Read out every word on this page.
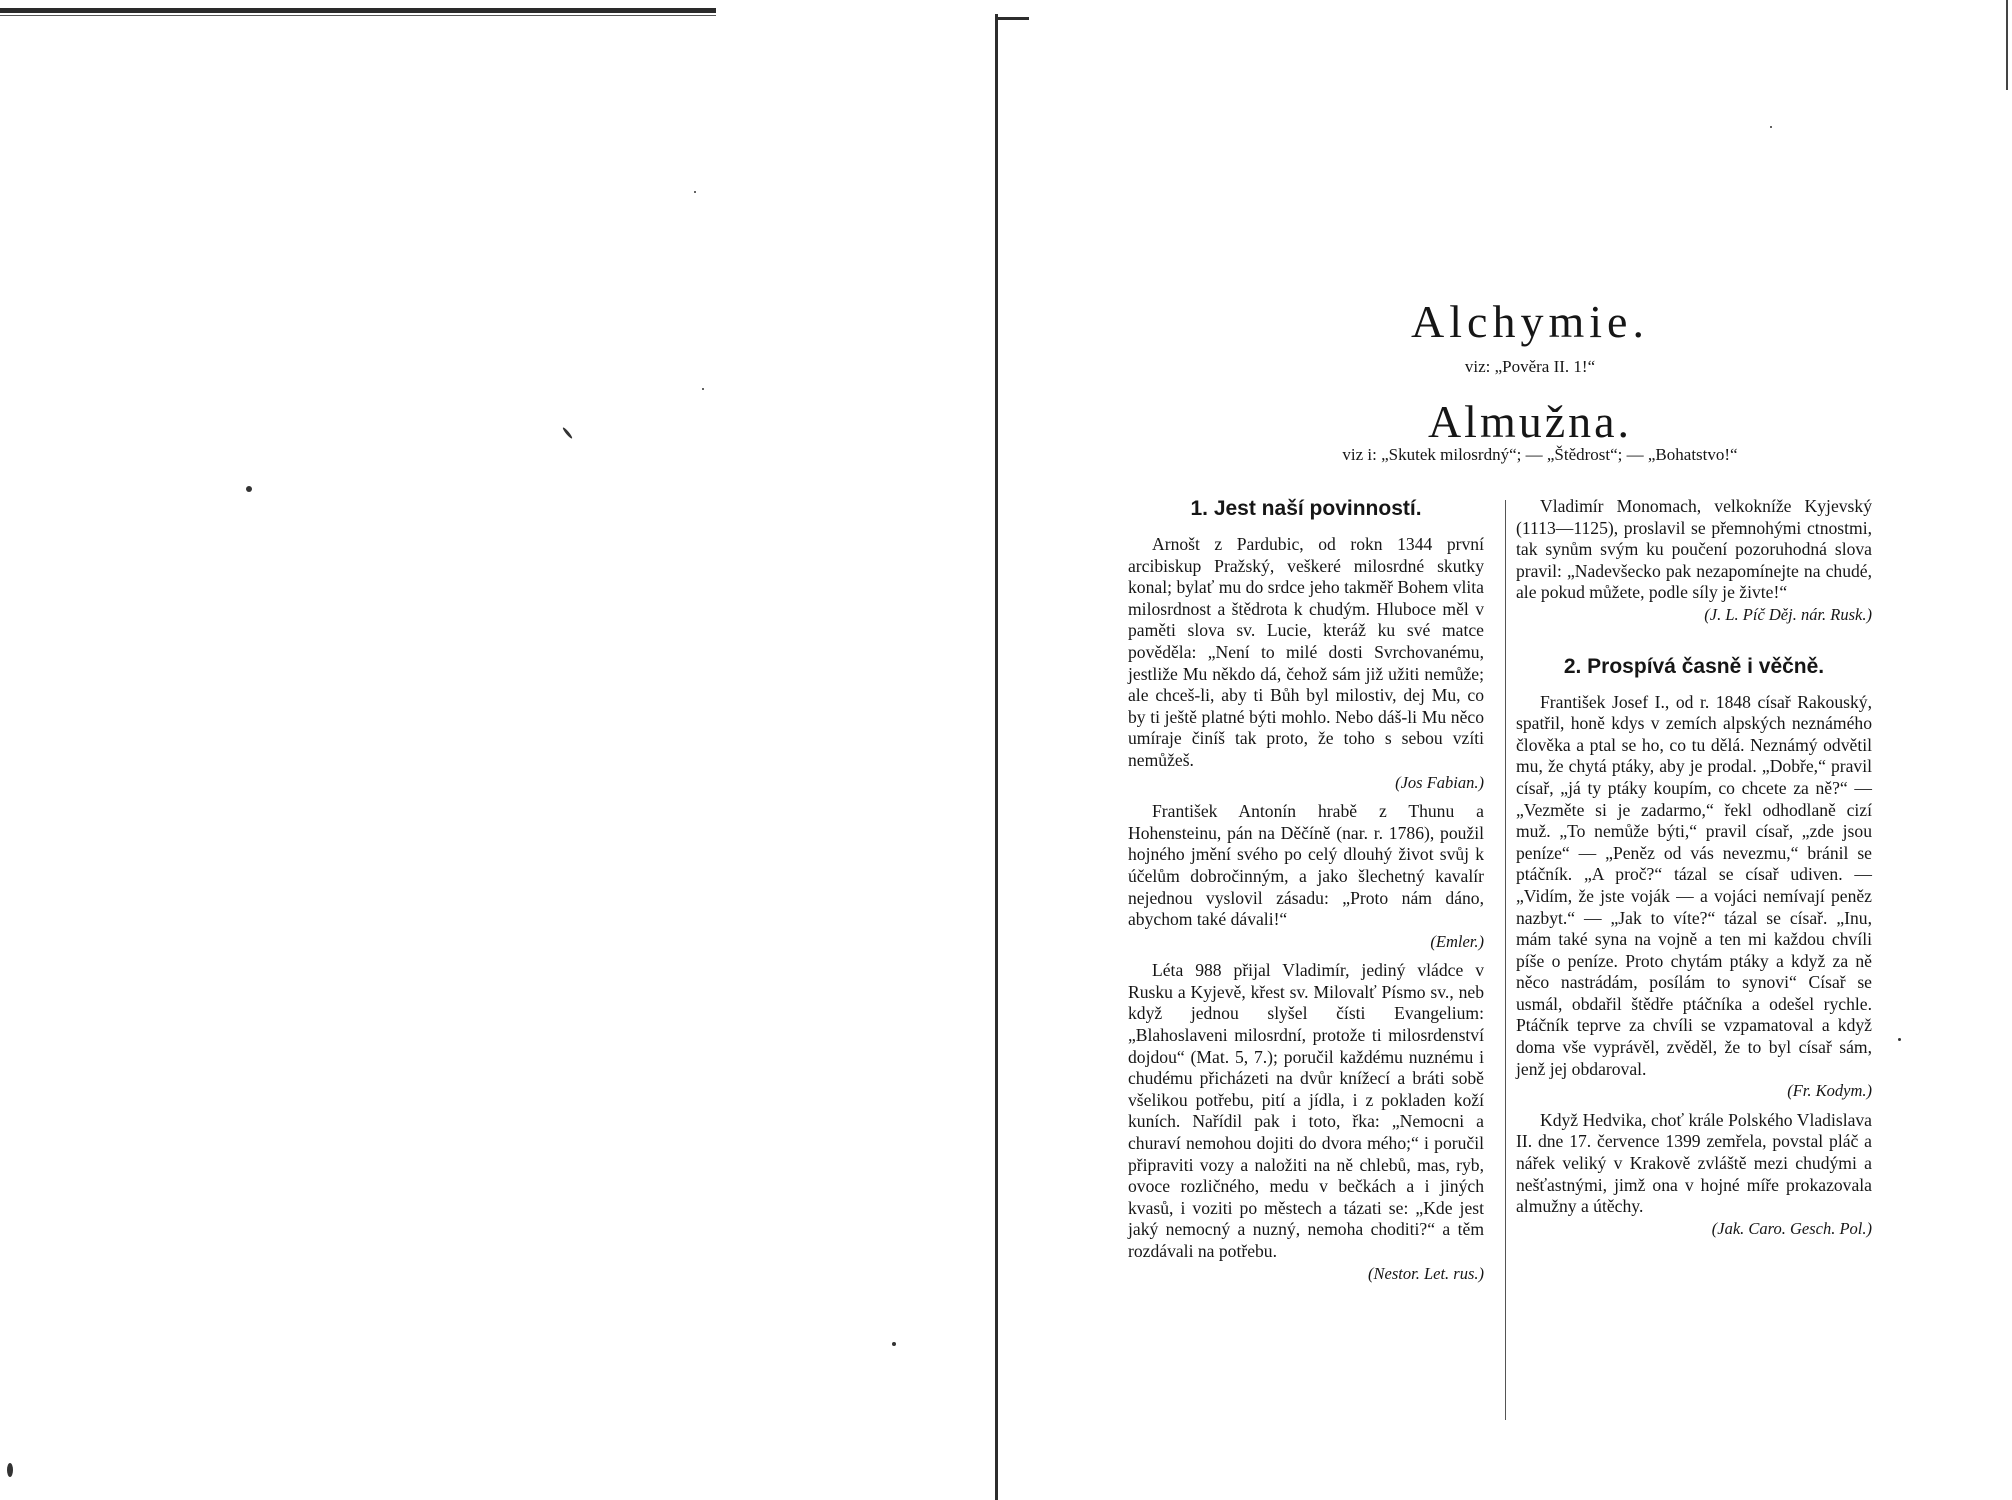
Alchymie.

viz: „Pověra II. 1!“

Almužna.

viz i: „Skutek milosrdný“; — „Štědrost“; — „Bohatstvo!“

1. Jest naší povinností.

Arnošt z Pardubic, od rokn 1344 první arcibiskup Pražský, veškeré milosrdné skutky konal; bylať mu do srdce jeho takměř Bohem vlita milosrdnost a štědrota k chudým. Hluboce měl v paměti slova sv. Lucie, kteráž ku své matce pověděla: „Není to milé dosti Svrchovanému, jestliže Mu někdo dá, čehož sám již užiti nemůže; ale chceš-li, aby ti Bůh byl milostiv, dej Mu, co by ti ještě platné býti mohlo. Nebo dáš-li Mu něco umíraje činíš tak proto, že toho s sebou vzíti nemůžeš.

(Jos Fabian.)

František Antonín hrabě z Thunu a Hohensteinu, pán na Děčíně (nar. r. 1786), použil hojného jmění svého po celý dlouhý život svůj k účelům dobročinným, a jako šlechetný kavalír nejednou vyslovil zásadu: „Proto nám dáno, abychom také dávali!“

(Emler.)

Léta 988 přijal Vladimír, jediný vládce v Rusku a Kyjevě, křest sv. Milovalť Písmo sv., neb když jednou slyšel čísti Evangelium: „Blahoslaveni milosrdní, protože ti milosrdenství dojdou“ (Mat. 5, 7.); poručil každému nuznému i chudému přicházeti na dvůr knížecí a bráti sobě všelikou potřebu, pití a jídla, i z pokladen koží kuních. Nařídil pak i toto, řka: „Nemocni a churaví nemohou dojiti do dvora mého;“ i poručil připraviti vozy a naložiti na ně chlebů, mas, ryb, ovoce rozličného, medu v bečkách a i jiných kvasů, i voziti po městech a tázati se: „Kde jest jaký nemocný a nuzný, nemoha choditi?“ a těm rozdávali na potřebu.

(Nestor. Let. rus.)

Vladimír Monomach, velkokníže Kyjevský (1113—1125), proslavil se přemnohými ctnostmi, tak synům svým ku poučení pozoruhodná slova pravil: „Nadevšecko pak nezapomínejte na chudé, ale pokud můžete, podle síly je živte!“

(J. L. Píč Děj. nár. Rusk.)

2. Prospívá časně i věčně.

František Josef I., od r. 1848 císař Rakouský, spatřil, honě kdys v zemích alpských neznámého člověka a ptal se ho, co tu dělá. Neznámý odvětil mu, že chytá ptáky, aby je prodal. „Dobře,“ pravil císař, „já ty ptáky koupím, co chcete za ně?“ — „Vezměte si je zadarmo,“ řekl odhodlaně cizí muž. „To nemůže býti,“ pravil císař, „zde jsou peníze“ — „Peněz od vás nevezmu,“ bránil se ptáčník. „A proč?“ tázal se císař udiven. — „Vidím, že jste voják — a vojáci nemívají peněz nazbyt.“ — „Jak to víte?“ tázal se císař. „Inu, mám také syna na vojně a ten mi každou chvíli píše o peníze. Proto chytám ptáky a když za ně něco nastrádám, posílám to synovi“ Císař se usmál, obdařil štědře ptáčníka a odešel rychle. Ptáčník teprve za chvíli se vzpamatoval a když doma vše vyprávěl, zvěděl, že to byl císař sám, jenž jej obdaroval.

(Fr. Kodym.)

Když Hedvika, choť krále Polského Vladislava II. dne 17. července 1399 zemřela, povstal pláč a nářek veliký v Krakově zvláště mezi chudými a nešťastnými, jimž ona v hojné míře prokazovala almužny a útěchy.

(Jak. Caro. Gesch. Pol.)
